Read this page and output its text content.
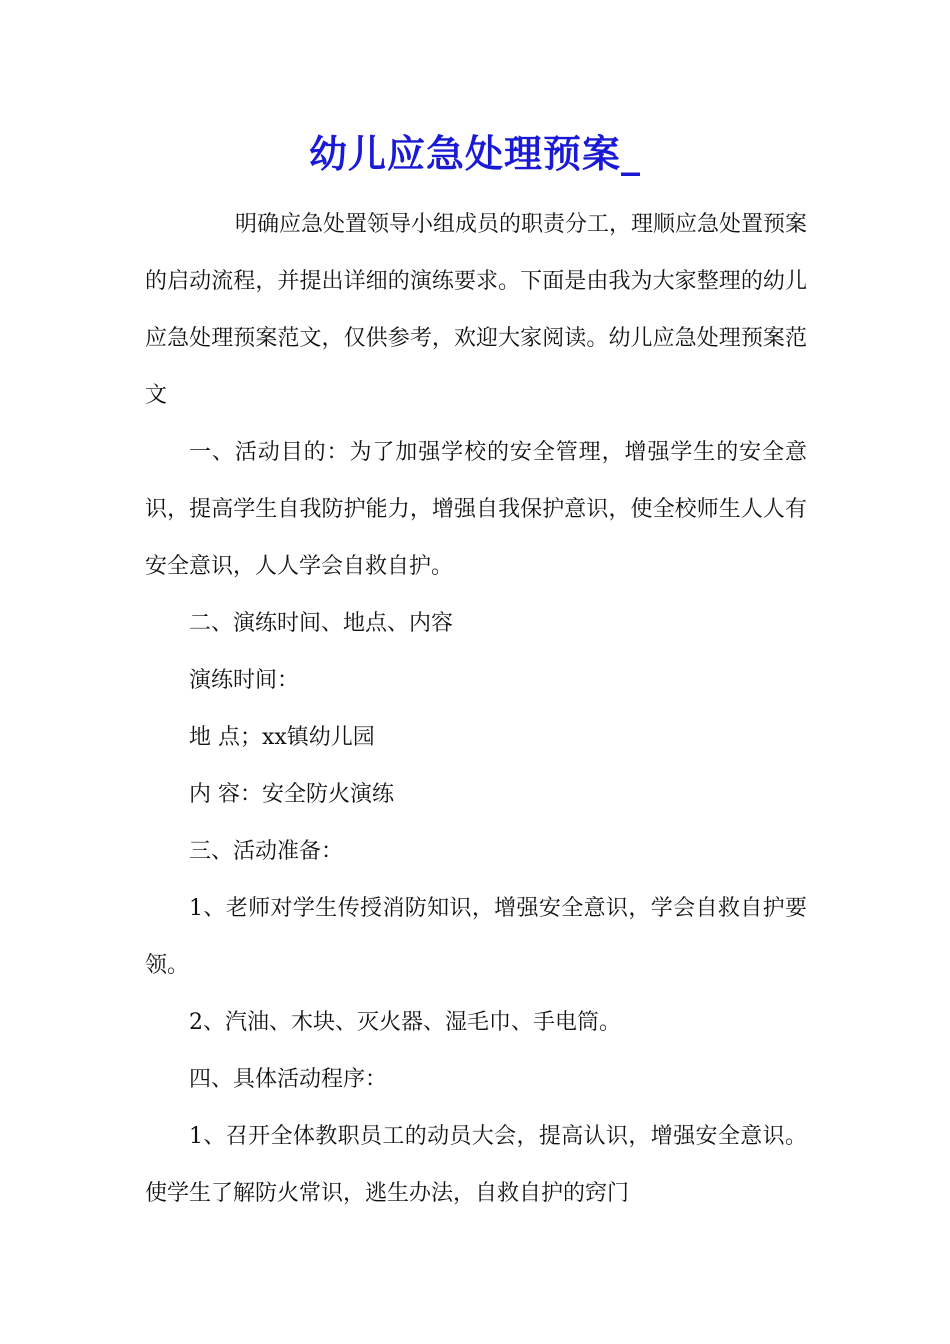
幼儿应急处理预案_

明确应急处置领导小组成员的职责分工，理顺应急处置预案的启动流程，并提出详细的演练要求。下面是由我为大家整理的幼儿应急处理预案范文，仅供参考，欢迎大家阅读。幼儿应急处理预案范文

一、活动目的：为了加强学校的安全管理，增强学生的安全意识，提高学生自我防护能力，增强自我保护意识，使全校师生人人有安全意识，人人学会自救自护。

二、演练时间、地点、内容

演练时间：

地 点；xx镇幼儿园

内 容：安全防火演练

三、活动准备：

1、老师对学生传授消防知识，增强安全意识，学会自救自护要领。

2、汽油、木块、灭火器、湿毛巾、手电筒。

四、具体活动程序：

1、召开全体教职员工的动员大会，提高认识，增强安全意识。使学生了解防火常识，逃生办法，自救自护的窍门
